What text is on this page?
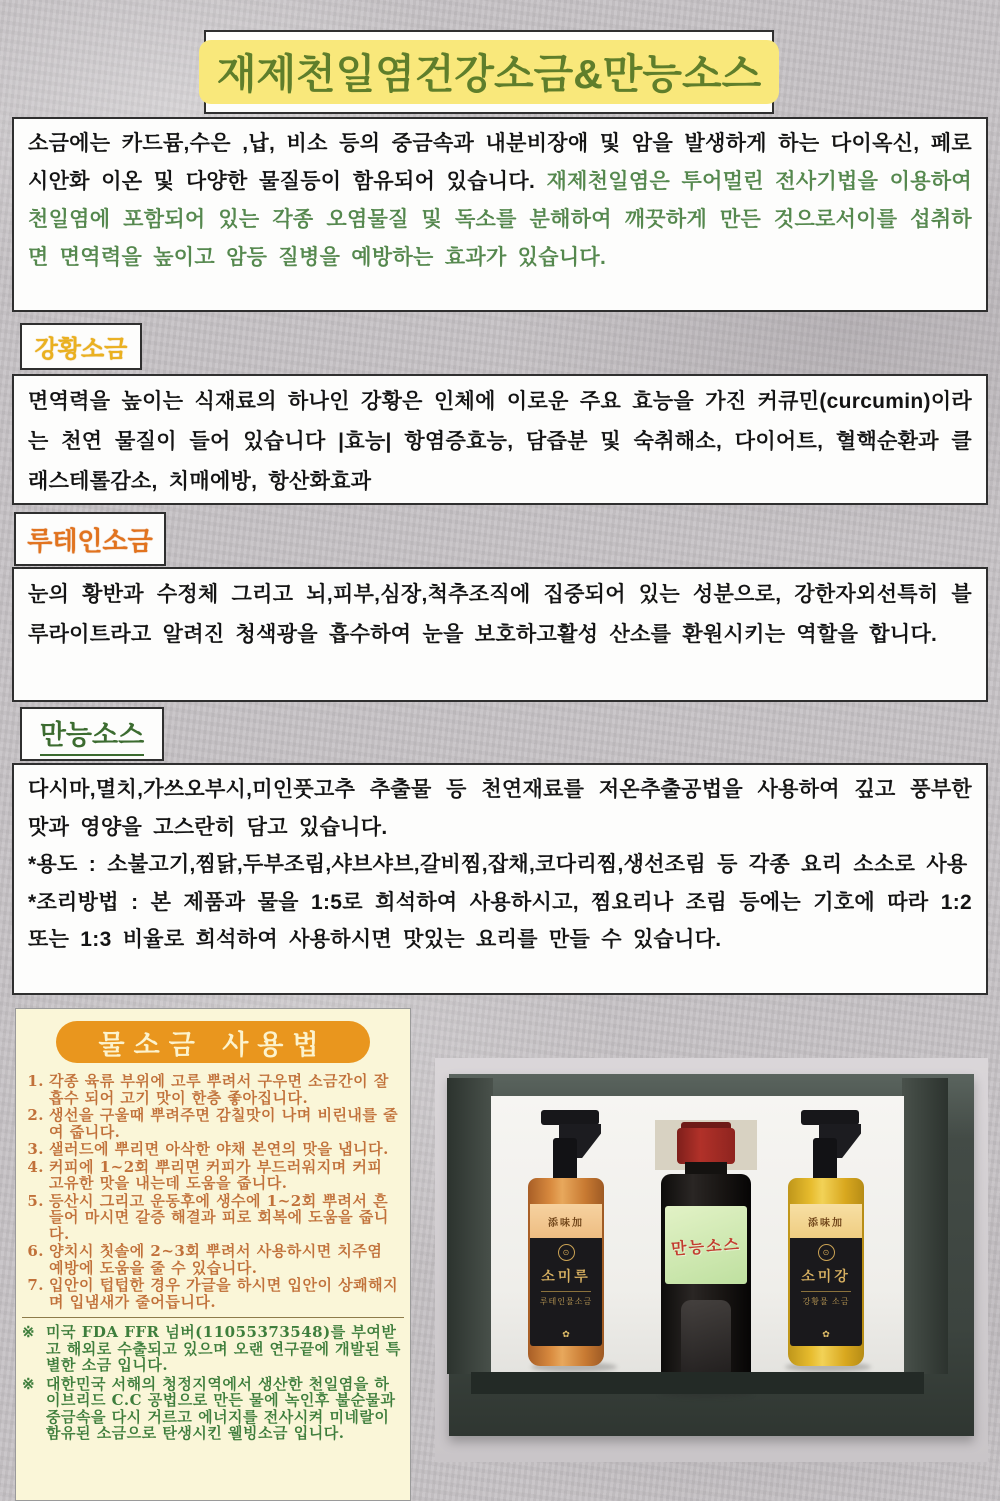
재제천일염건강소금&만능소스
소금에는 카드뮴,수은 ,납, 비소 등의 중금속과 내분비장애 및 암을 발생하게 하는 다이옥신, 페로시안화 이온 및 다양한 물질등이 함유되어 있습니다. 재제천일염은 투어멀린 전사기법을 이용하여 천일염에 포함되어 있는 각종 오염물질 및 독소를 분해하여 깨끗하게 만든 것으로서이를 섭취하면 면역력을 높이고 암등 질병을 예방하는 효과가 있습니다.
강황소금
면역력을 높이는 식재료의 하나인 강황은 인체에 이로운 주요 효능을 가진 커큐민(curcumin)이라는 천연 물질이 들어 있습니다 |효능| 항염증효능, 담즙분 및 숙취해소, 다이어트, 혈핵순환과 클래스테롤감소, 치매에방, 항산화효과
루테인소금
눈의 황반과 수정체 그리고 뇌,피부,심장,척추조직에 집중되어 있는 성분으로, 강한자외선특히 블루라이트라고 알려진 청색광을 흡수하여 눈을 보호하고활성 산소를 환원시키는 역할을 합니다.
만능소스

다시마,멸치,가쓰오부시,미인풋고추 추출물 등 천연재료를 저온추출공법을 사용하여 깊고 풍부한 맛과 영양을 고스란히 담고 있습니다.

*용도 : 소불고기,찜닭,두부조림,샤브샤브,갈비찜,잡채,코다리찜,생선조림 등 각종 요리 소소로 사용

*조리방법 : 본 제품과 물을 1:5로 희석하여 사용하시고, 찜요리나 조림 등에는 기호에 따라 1:2 또는 1:3 비율로 희석하여 사용하시면 맛있는 요리를 만들 수 있습니다.

물소금 사용법
1. 각종 육류 부위에 고루 뿌려서 구우면 소금간이 잘 흡수 되어 고기 맛이 한층 좋아집니다.
2. 생선을 구울때 뿌려주면 감칠맛이 나며 비린내를 줄여 줍니다.
3. 샐러드에 뿌리면 아삭한 야채 본연의 맛을 냅니다.
4. 커피에 1~2회 뿌리면 커피가 부드러워지며 커피 고유한 맛을 내는데 도움을 줍니다.
5. 등산시 그리고 운동후에 생수에 1~2회 뿌려서 흔들어 마시면 갈증 해결과 피로 회복에 도움을 줍니다.
6. 양치시 칫솔에 2~3회 뿌려서 사용하시면 치주염 예방에 도움을 줄 수 있습니다.
7. 입안이 텁텁한 경우 가글을 하시면 입안이 상쾌해지며 입냄새가 줄어듭니다.
※ 미국 FDA FFR 넘버(11055373548)를 부여받고 해외로 수출되고 있으며 오랜 연구끝에 개발된 특별한 소금 입니다.
※ 대한민국 서해의 청정지역에서 생산한 천일염을 하이브리드 C.C 공법으로 만든 물에 녹인후 불순물과 중금속을 다시 거르고 에너지를 전사시켜 미네랄이 함유된 소금으로 탄생시킨 웰빙소금 입니다.
添味加
⊙
소미루
루테인물소금
✿
만능소스
添味加
⊙
소미강
강황물 소금
✿
